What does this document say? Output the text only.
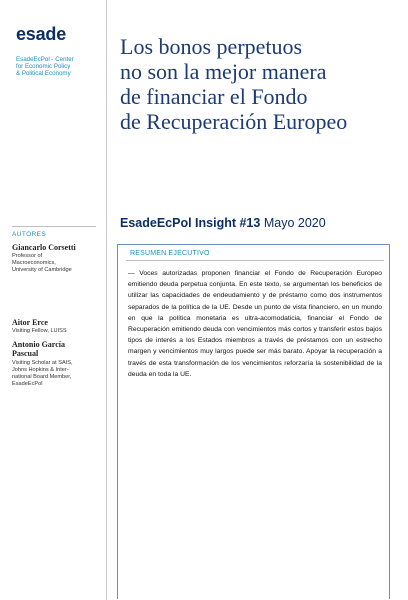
esade
EsadeEcPol - Center
for Economic Policy
& Political Economy
AUTORES
Giancarlo Corsetti
Professor of
Macroeconomics,
University of Cambridge
Aitor Erce
Visiting Fellow, LUISS
Antonio García
Pascual
Visiting Scholar at SAIS,
Johns Hopkins & Inter-
national Board Member,
EsadeEcPol
Los bonos perpetuos
no son la mejor manera
de financiar el Fondo
de Recuperación Europeo
EsadeEcPol Insight #13 Mayo 2020
RESUMEN EJECUTIVO
— Voces autorizadas proponen financiar el Fondo de Recuperación Europeo emitiendo deuda perpetua conjunta. En este texto, se argumentan los beneficios de utilizar las capacidades de endeudamiento y de préstamo como dos instrumentos separados de la política de la UE. Desde un punto de vista financiero, en un mundo en que la política monetaria es ultra-acomodaticia, financiar el Fondo de Recuperación emitiendo deuda con vencimientos más cortos y transferir estos bajos tipos de interés a los Estados miembros a través de préstamos con un estrecho margen y vencimientos muy largos puede ser más barato. Apoyar la recuperación a través de esta transformación de los vencimientos reforzaría la sostenibilidad de la deuda en toda la UE.
